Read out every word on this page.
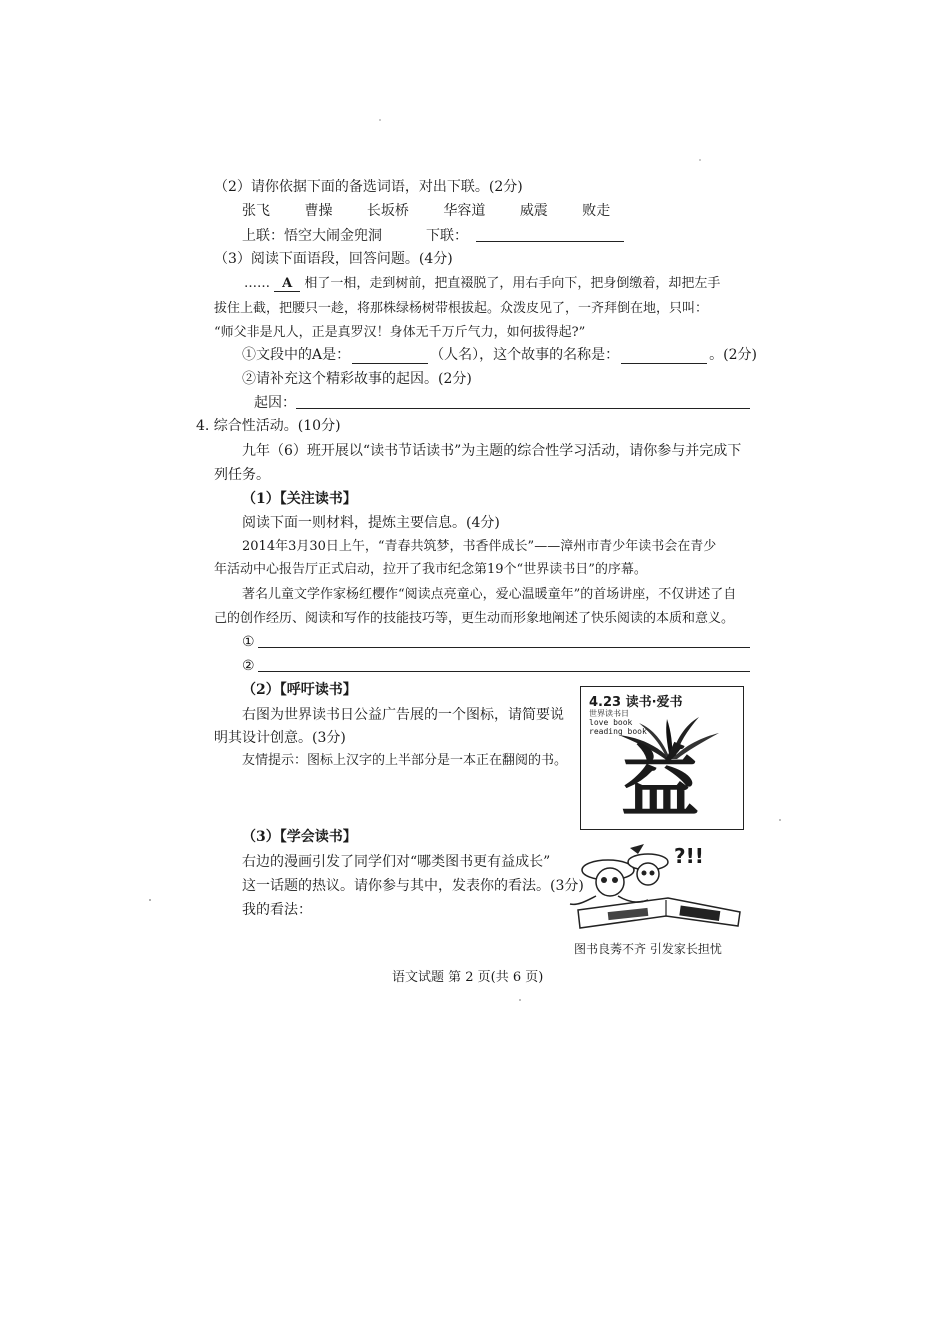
（2）请你依据下面的备选词语，对出下联。(2分)
张飞 曹操 长坂桥 华容道 威震 败走
上联：悟空大闹金兜洞	下联：
（3）阅读下面语段，回答问题。(4分)
…… A 相了一相，走到树前，把直裰脱了，用右手向下，把身倒缴着，却把左手
拔住上截，把腰只一趁，将那株绿杨树带根拔起。众泼皮见了，一齐拜倒在地，只叫：
“师父非是凡人，正是真罗汉！身体无千万斤气力，如何拔得起?”
①文段中的A是：	（人名），这个故事的名称是：	。(2分)
②请补充这个精彩故事的起因。(2分)
起因：
4. 综合性活动。(10分)
九年（6）班开展以“读书节话读书”为主题的综合性学习活动，请你参与并完成下
列任务。
（1）【关注读书】
阅读下面一则材料，提炼主要信息。(4分)
2014年3月30日上午，“青春共筑梦，书香伴成长”——漳州市青少年读书会在青少
年活动中心报告厅正式启动，拉开了我市纪念第19个“世界读书日”的序幕。
著名儿童文学作家杨红樱作“阅读点亮童心，爱心温暖童年”的首场讲座，不仅讲述了自
己的创作经历、阅读和写作的技能技巧等，更生动而形象地阐述了快乐阅读的本质和意义。
①
②
（2）【呼吁读书】
右图为世界读书日公益广告展的一个图标，请简要说
明其设计创意。(3分)
友情提示：图标上汉字的上半部分是一本正在翻阅的书。
4.23 读书·爱书
世界读书日
love book
reading book
益
（3）【学会读书】
右边的漫画引发了同学们对“哪类图书更有益成长”
这一话题的热议。请你参与其中，发表你的看法。(3分)
我的看法：
?!!
图书良莠不齐 引发家长担忧
语文试题 第 2 页(共 6 页)
